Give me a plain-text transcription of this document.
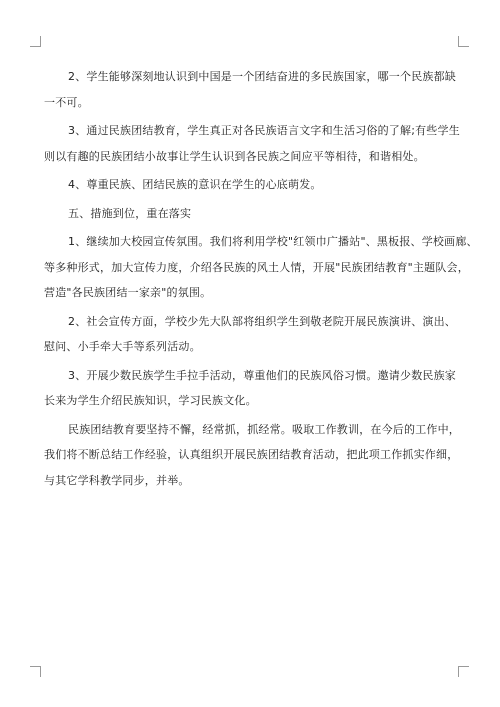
2、学生能够深刻地认识到中国是一个团结奋进的多民族国家，哪一个民族都缺
一不可。
3、通过民族团结教育，学生真正对各民族语言文字和生活习俗的了解;有些学生
则以有趣的民族团结小故事让学生认识到各民族之间应平等相待，和谐相处。
4、尊重民族、团结民族的意识在学生的心底萌发。
五、措施到位，重在落实
1、继续加大校园宣传氛围。我们将利用学校"红领巾广播站"、黑板报、学校画廊、
等多种形式，加大宣传力度，介绍各民族的风土人情，开展"民族团结教育"主题队会，
营造"各民族团结一家亲"的氛围。
2、社会宣传方面，学校少先大队部将组织学生到敬老院开展民族演讲、演出、
慰问、小手牵大手等系列活动。
3、开展少数民族学生手拉手活动，尊重他们的民族风俗习惯。邀请少数民族家
长来为学生介绍民族知识，学习民族文化。
民族团结教育要坚持不懈，经常抓，抓经常。吸取工作教训，在今后的工作中，
我们将不断总结工作经验，认真组织开展民族团结教育活动，把此项工作抓实作细，
与其它学科教学同步，并举。
